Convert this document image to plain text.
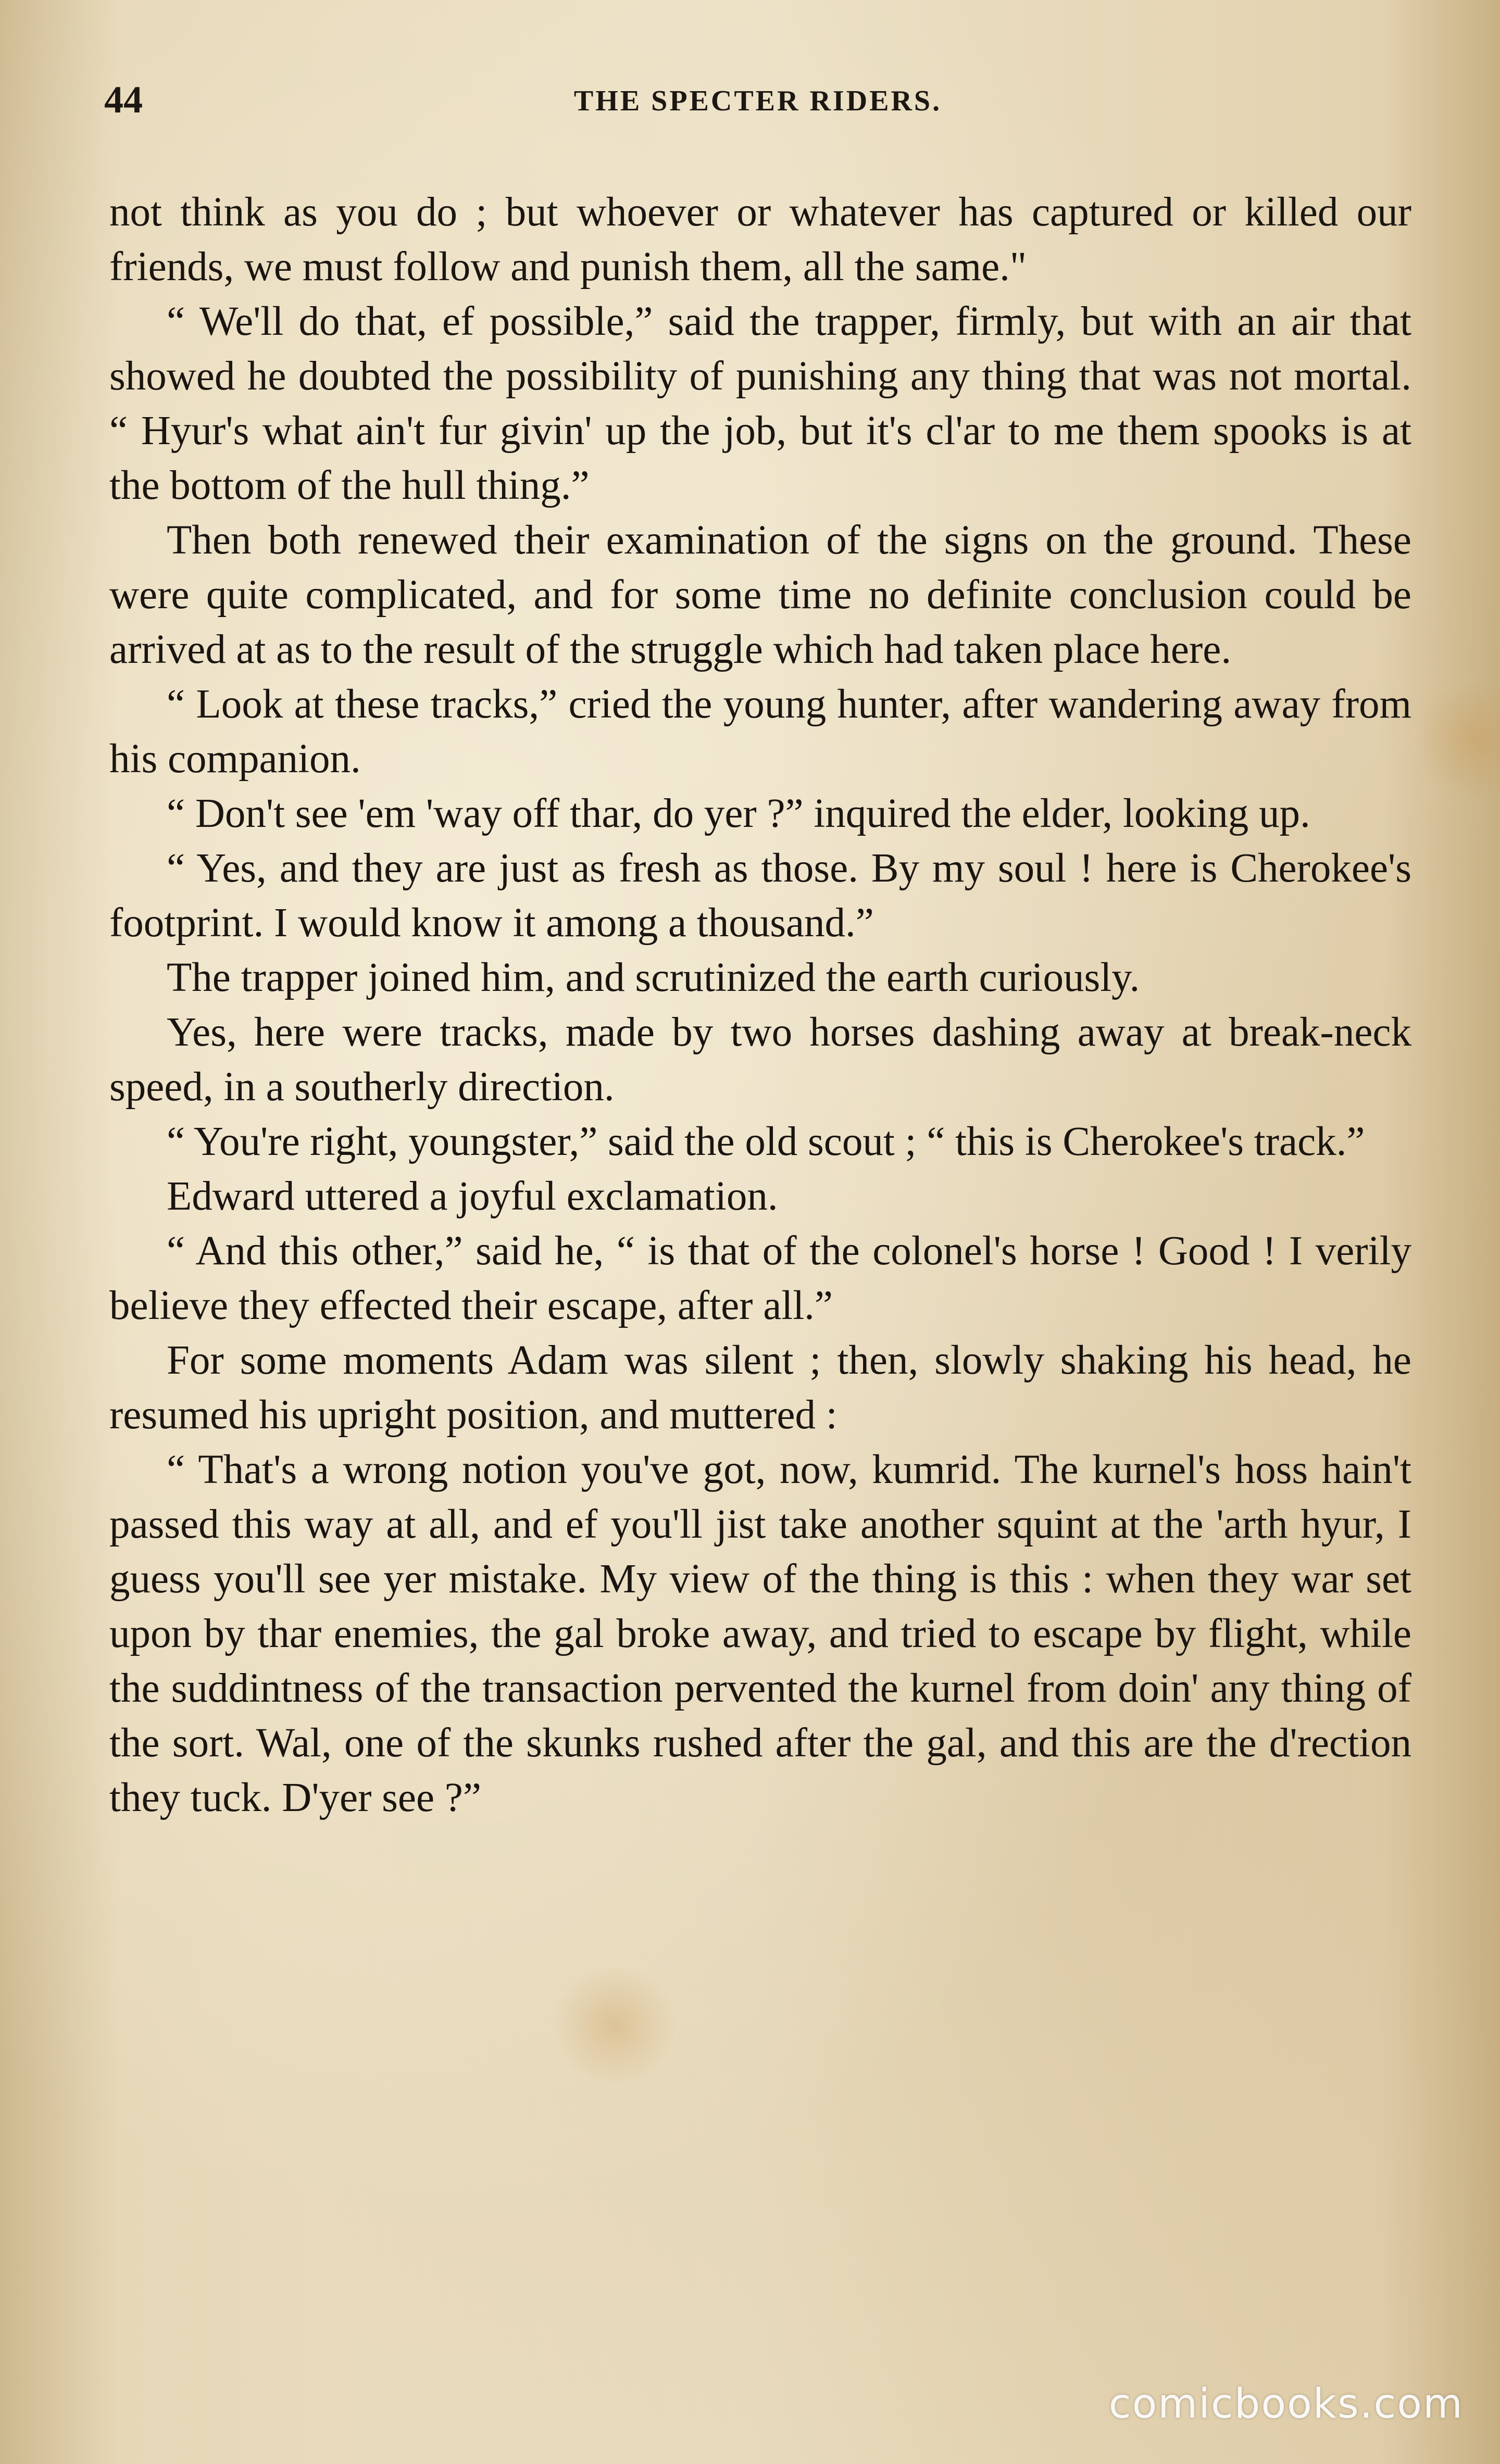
44	THE SPECTER RIDERS.

not think as you do ; but whoever or whatever has captured or killed our friends, we must follow and punish them, all the same."

“ We'll do that, ef possible,” said the trapper, firmly, but with an air that showed he doubted the possibility of punishing any thing that was not mortal. “ Hyur's what ain't fur givin' up the job, but it's cl'ar to me them spooks is at the bottom of the hull thing.”

Then both renewed their examination of the signs on the ground. These were quite complicated, and for some time no definite conclusion could be arrived at as to the result of the struggle which had taken place here.

“ Look at these tracks,” cried the young hunter, after wandering away from his companion.

“ Don't see 'em 'way off thar, do yer ?” inquired the elder, looking up.

“ Yes, and they are just as fresh as those. By my soul ! here is Cherokee's footprint. I would know it among a thousand.”

The trapper joined him, and scrutinized the earth curiously.

Yes, here were tracks, made by two horses dashing away at break-neck speed, in a southerly direction.

“ You're right, youngster,” said the old scout ; “ this is Cherokee's track.”

Edward uttered a joyful exclamation.

“ And this other,” said he, “ is that of the colonel's horse ! Good ! I verily believe they effected their escape, after all.”

For some moments Adam was silent ; then, slowly shaking his head, he resumed his upright position, and muttered :

“ That's a wrong notion you've got, now, kumrid. The kurnel's hoss hain't passed this way at all, and ef you'll jist take another squint at the 'arth hyur, I guess you'll see yer mistake. My view of the thing is this : when they war set upon by thar enemies, the gal broke away, and tried to escape by flight, while the suddintness of the transaction pervented the kurnel from doin' any thing of the sort. Wal, one of the skunks rushed after the gal, and this are the d'rection they tuck. D'yer see ?”

comicbooks.com
